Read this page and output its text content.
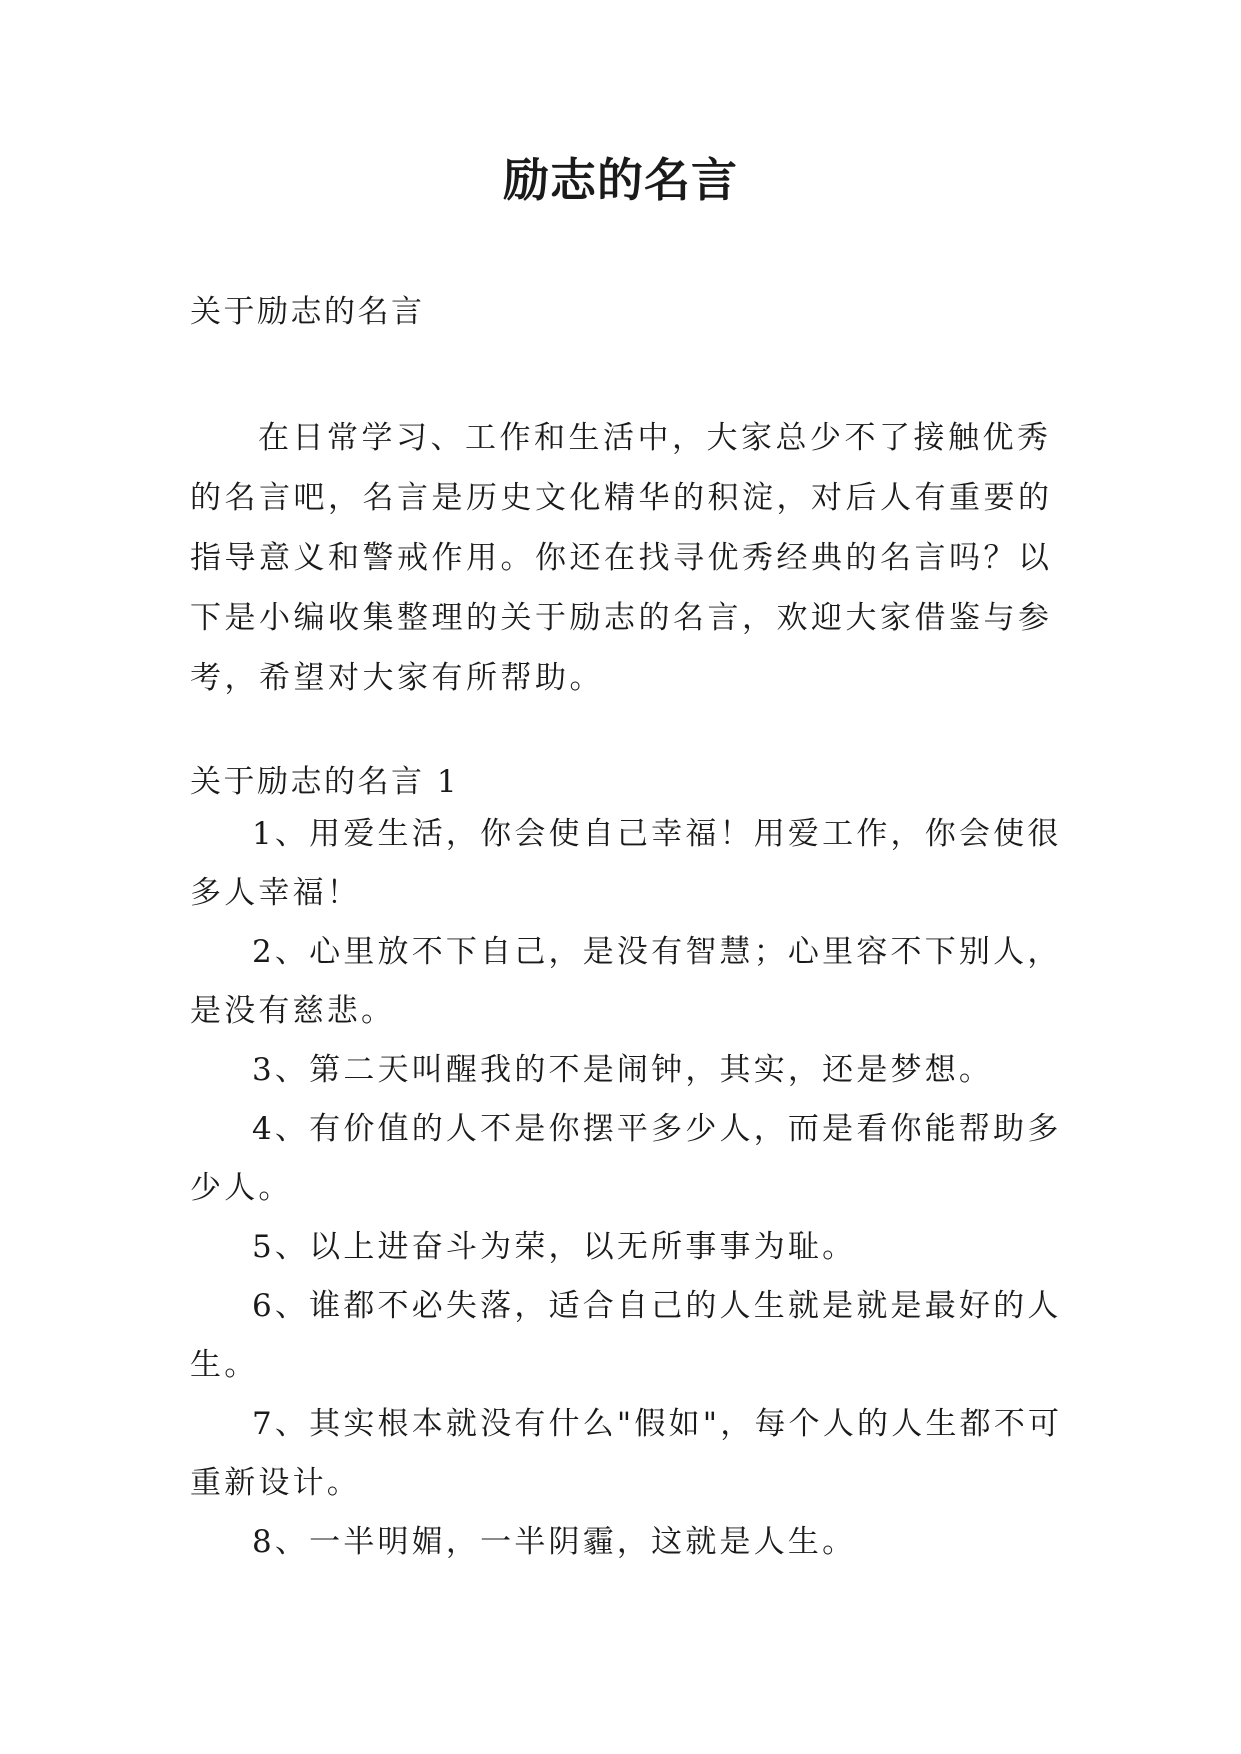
励志的名言
关于励志的名言
在日常学习、工作和生活中，大家总少不了接触优秀的名言吧，名言是历史文化精华的积淀，对后人有重要的指导意义和警戒作用。你还在找寻优秀经典的名言吗？以下是小编收集整理的关于励志的名言，欢迎大家借鉴与参考，希望对大家有所帮助。
关于励志的名言 1

1、用爱生活，你会使自己幸福！用爱工作，你会使很多人幸福！

2、心里放不下自己，是没有智慧；心里容不下别人，是没有慈悲。

3、第二天叫醒我的不是闹钟，其实，还是梦想。

4、有价值的人不是你摆平多少人，而是看你能帮助多少人。

5、以上进奋斗为荣，以无所事事为耻。

6、谁都不必失落，适合自己的人生就是就是最好的人生。

7、其实根本就没有什么"假如"，每个人的人生都不可重新设计。

8、一半明媚，一半阴霾，这就是人生。
